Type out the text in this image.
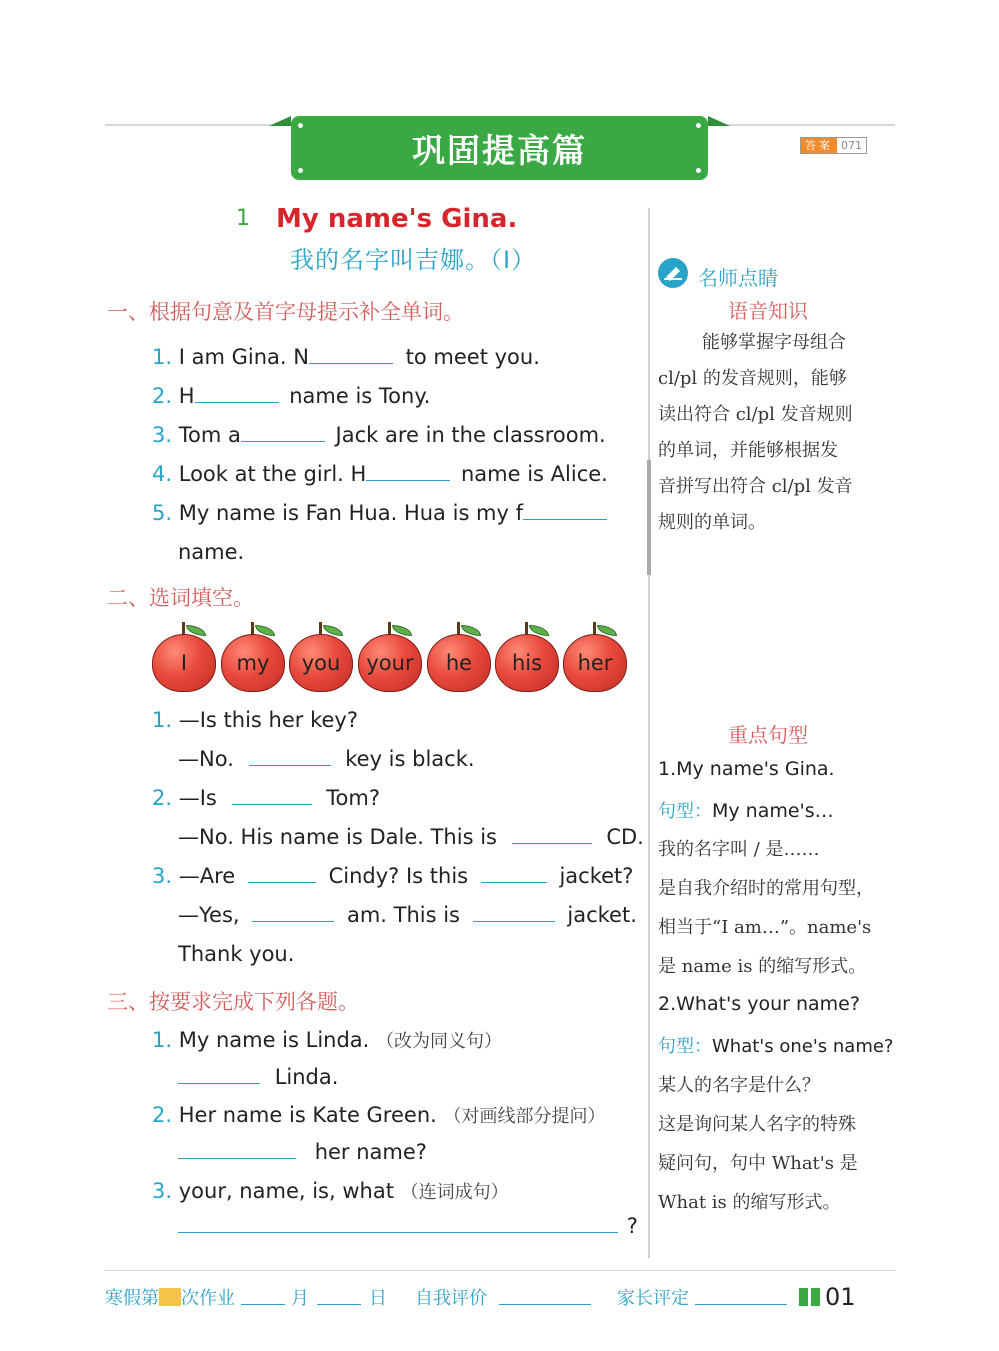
巩固提高篇	答案 071
1 My name's Gina.
我的名字叫吉娜。（Ⅰ）
一、根据句意及首字母提示补全单词。
1. I am Gina. N	to meet you.
2. H	name is Tony.
3. Tom a	Jack are in the classroom.
4. Look at the girl. H	name is Alice.
5. My name is Fan Hua. Hua is my f
name.
二、选词填空。
I	my	you	your	he	his	her
1. —Is this her key?
—No.	key is black.
2. —Is	Tom?
—No. His name is Dale. This is	CD.
3. —Are	Cindy? Is this	jacket?
—Yes,	am. This is	jacket.
Thank you.
三、按要求完成下列各题。
1. My name is Linda. （改为同义句）
Linda.
2. Her name is Kate Green. （对画线部分提问）
her name?
3. your, name, is, what （连词成句）
?
名师点睛
语音知识
能够掌握字母组合
cl/pl 的发音规则，能够
读出符合 cl/pl 发音规则
的单词，并能够根据发
音拼写出符合 cl/pl 发音
规则的单词。
重点句型
1.My name's Gina.
句型：My name's…
我的名字叫 / 是……
是自我介绍时的常用句型，
相当于“I am…”。name's
是 name is 的缩写形式。
2.What's your name?
句型：What's one's name?
某人的名字是什么？
这是询问某人名字的特殊
疑问句，句中 What's 是
What is 的缩写形式。
寒假第 次作业	月	日 自我评价	家长评定	01
